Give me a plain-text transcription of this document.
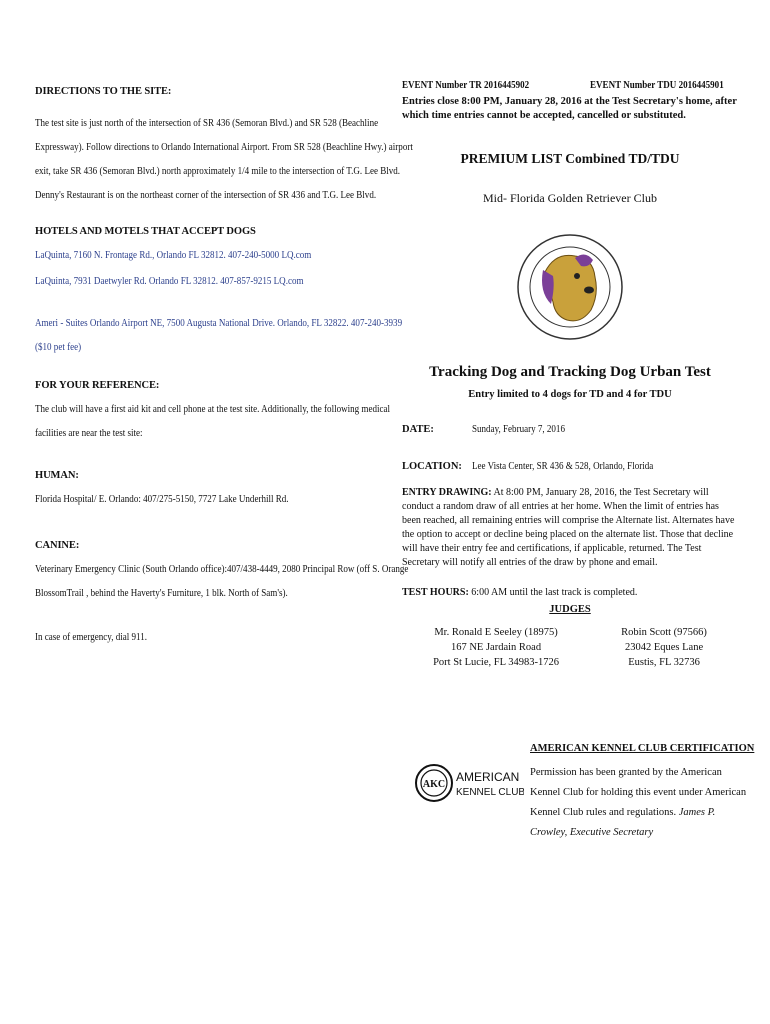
DIRECTIONS TO THE SITE:
The test site is just north of the intersection of SR 436 (Semoran Blvd.) and SR 528 (Beachline
Expressway). Follow directions to Orlando International Airport. From SR 528 (Beachline Hwy.) airport
exit, take SR 436 (Semoran Blvd.) north approximately 1/4 mile to the intersection of T.G. Lee Blvd.
Denny's Restaurant is on the northeast corner of the intersection of SR 436 and T.G. Lee Blvd.
HOTELS AND MOTELS THAT ACCEPT DOGS
LaQuinta, 7160 N. Frontage Rd., Orlando FL 32812. 407-240-5000 LQ.com
LaQuinta, 7931 Daetwyler Rd. Orlando FL 32812. 407-857-9215 LQ.com
Ameri - Suites Orlando Airport NE, 7500 Augusta National Drive. Orlando, FL 32822. 407-240-3939
($10 pet fee)
FOR YOUR REFERENCE:
The club will have a first aid kit and cell phone at the test site. Additionally, the following medical
facilities are near the test site:
HUMAN:
Florida Hospital/ E. Orlando: 407/275-5150, 7727 Lake Underhill Rd.
CANINE:
Veterinary Emergency Clinic (South Orlando office):407/438-4449, 2080 Principal Row (off S. Orange
BlossomTrail , behind the Haverty's Furniture, 1 blk. North of Sam's).
In case of emergency, dial 911.
EVENT Number TR 2016445902	EVENT Number TDU 2016445901
Entries close 8:00 PM, January 28, 2016 at the Test Secretary's home, after which time entries cannot be accepted, cancelled or substituted.
PREMIUM LIST Combined TD/TDU
Mid- Florida Golden Retriever Club
Tracking Dog and Tracking Dog Urban Test
Entry limited to 4 dogs for TD and 4 for TDU
DATE:	Sunday, February 7, 2016
LOCATION: Lee Vista Center, SR 436 & 528, Orlando, Florida
ENTRY DRAWING: At 8:00 PM, January 28, 2016, the Test Secretary will conduct a random draw of all entries at her home. When the limit of entries has been reached, all remaining entries will comprise the Alternate list. Alternates have the option to accept or decline being placed on the alternate list. Those that decline will have their entry fee and certifications, if applicable, returned. The Test Secretary will notify all entries of the draw by phone and email.
TEST HOURS: 6:00 AM until the last track is completed.
JUDGES
Mr. Ronald E Seeley (18975)
167 NE Jardain Road
Port St Lucie, FL 34983-1726
Robin Scott (97566)
23042 Eques Lane
Eustis, FL 32736
AKC
AMERICAN
KENNEL CLUB
AMERICAN KENNEL CLUB CERTIFICATION
Permission has been granted by the American Kennel Club for holding this event under American Kennel Club rules and regulations. James P. Crowley, Executive Secretary
